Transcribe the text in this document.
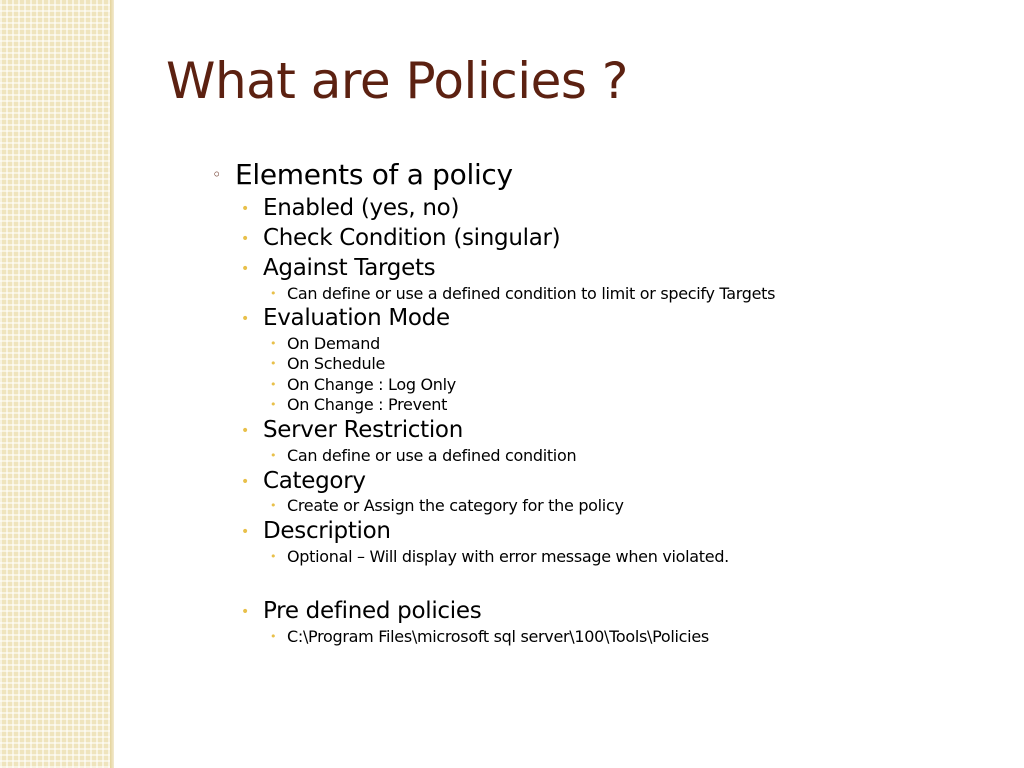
What are Policies ?
◦ Elements of a policy
• Enabled (yes, no)
• Check Condition (singular)
• Against Targets
• Can define or use a defined condition to limit or specify Targets
• Evaluation Mode
• On Demand
• On Schedule
• On Change : Log Only
• On Change : Prevent
• Server Restriction
• Can define or use a defined condition
• Category
• Create or Assign the category for the policy
• Description
• Optional – Will display with error message when violated.
• Pre defined policies
• C:\Program Files\microsoft sql server\100\Tools\Policies
